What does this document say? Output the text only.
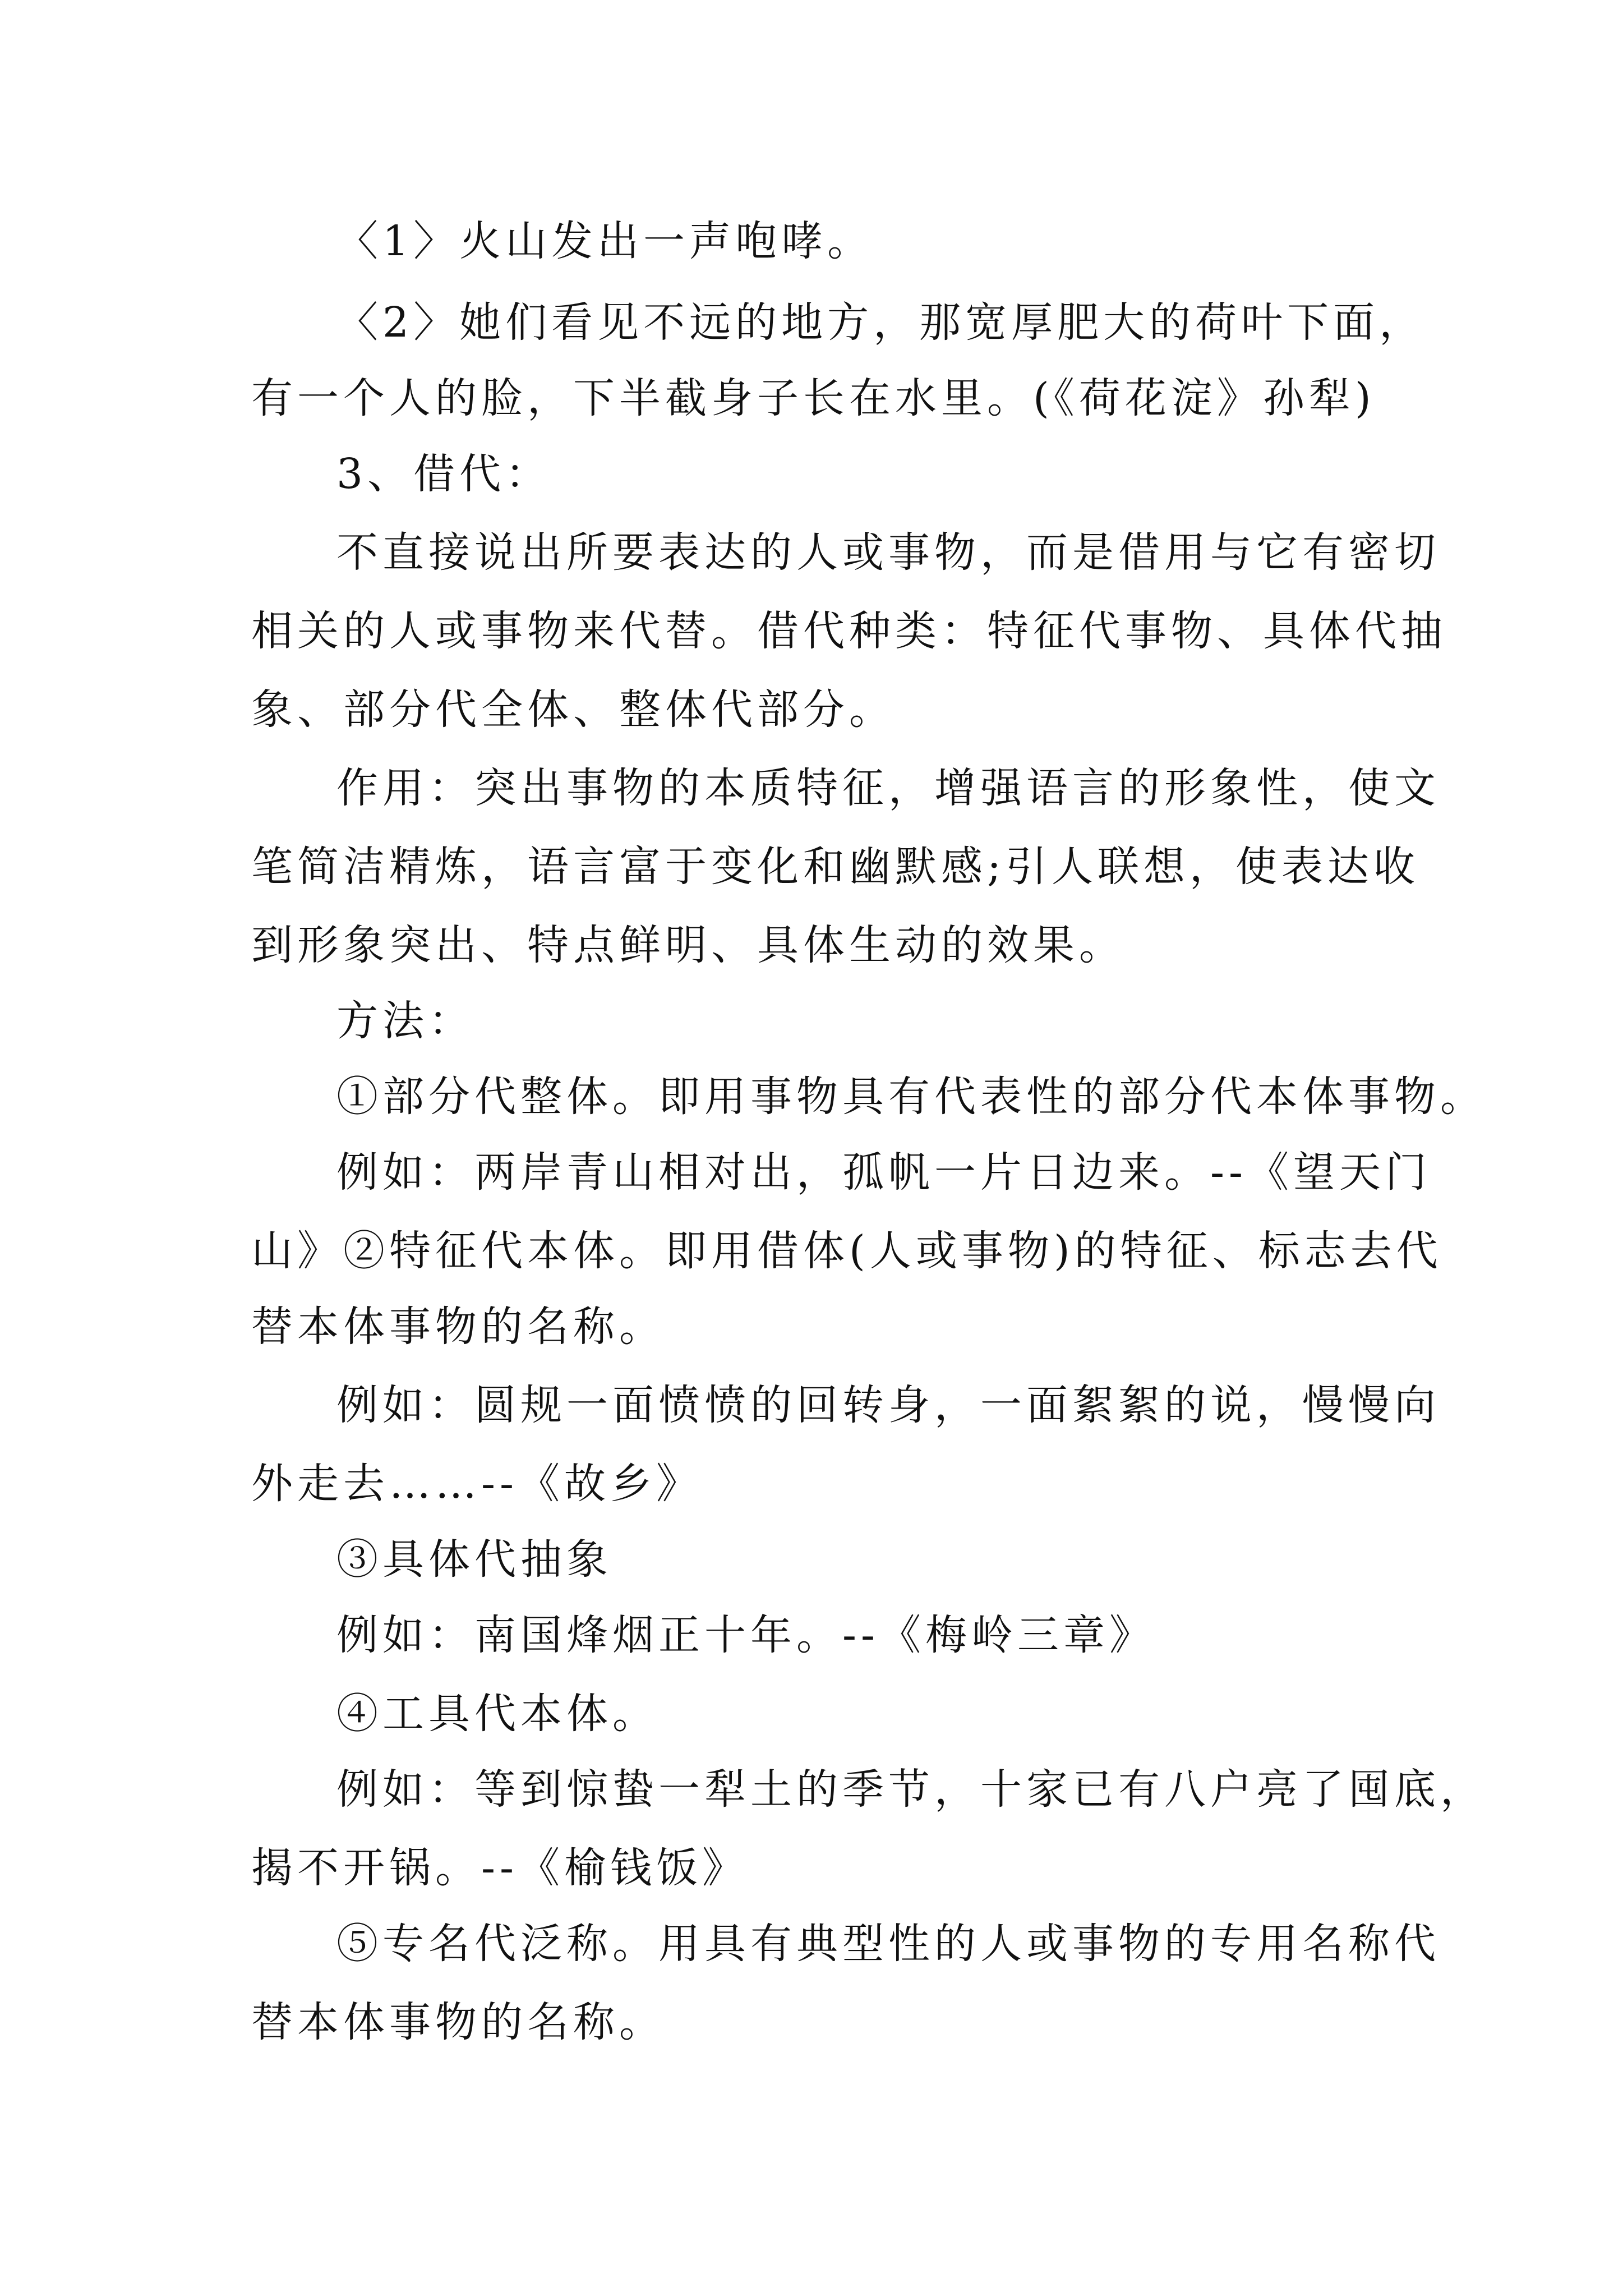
〈1〉火山发出一声咆哮。
〈2〉她们看见不远的地方，那宽厚肥大的荷叶下面，
有一个人的脸，下半截身子长在水里。(《荷花淀》孙犁)
3、借代：
不直接说出所要表达的人或事物，而是借用与它有密切
相关的人或事物来代替。借代种类：特征代事物、具体代抽
象、部分代全体、整体代部分。
作用：突出事物的本质特征，增强语言的形象性，使文
笔简洁精炼，语言富于变化和幽默感;引人联想，使表达收
到形象突出、特点鲜明、具体生动的效果。
方法：
①部分代整体。即用事物具有代表性的部分代本体事物。
例如：两岸青山相对出，孤帆一片日边来。--《望天门
山》②特征代本体。即用借体(人或事物)的特征、标志去代
替本体事物的名称。
例如：圆规一面愤愤的回转身，一面絮絮的说，慢慢向
外走去……--《故乡》
③具体代抽象
例如：南国烽烟正十年。--《梅岭三章》
④工具代本体。
例如：等到惊蛰一犁土的季节，十家已有八户亮了囤底，
揭不开锅。--《榆钱饭》
⑤专名代泛称。用具有典型性的人或事物的专用名称代
替本体事物的名称。
